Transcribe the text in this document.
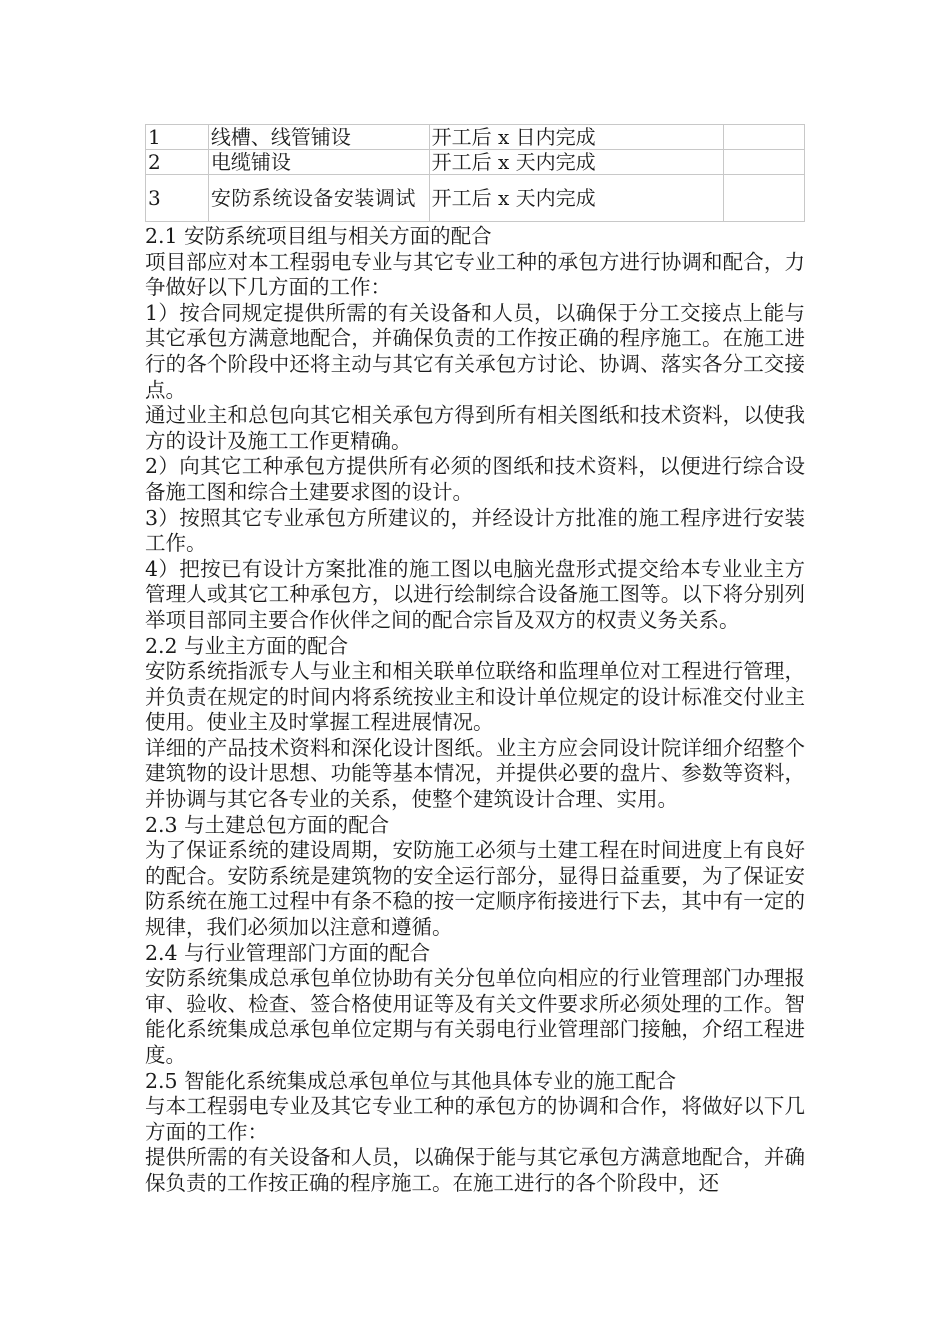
1	线槽、线管铺设	开工后 x 日内完成	
2	电缆铺设	开工后 x 天内完成	
3	安防系统设备安装调试	开工后 x 天内完成	

2.1 安防系统项目组与相关方面的配合

项目部应对本工程弱电专业与其它专业工种的承包方进行协调和配合，力争做好以下几方面的工作：

1）按合同规定提供所需的有关设备和人员，以确保于分工交接点上能与其它承包方满意地配合，并确保负责的工作按正确的程序施工。在施工进行的各个阶段中还将主动与其它有关承包方讨论、协调、落实各分工交接点。

通过业主和总包向其它相关承包方得到所有相关图纸和技术资料，以使我方的设计及施工工作更精确。

2）向其它工种承包方提供所有必须的图纸和技术资料，以便进行综合设备施工图和综合土建要求图的设计。

3）按照其它专业承包方所建议的，并经设计方批准的施工程序进行安装工作。

4）把按已有设计方案批准的施工图以电脑光盘形式提交给本专业业主方管理人或其它工种承包方，以进行绘制综合设备施工图等。以下将分别列举项目部同主要合作伙伴之间的配合宗旨及双方的权责义务关系。

2.2 与业主方面的配合

安防系统指派专人与业主和相关联单位联络和监理单位对工程进行管理，并负责在规定的时间内将系统按业主和设计单位规定的设计标准交付业主使用。使业主及时掌握工程进展情况。

详细的产品技术资料和深化设计图纸。业主方应会同设计院详细介绍整个建筑物的设计思想、功能等基本情况，并提供必要的盘片、参数等资料，并协调与其它各专业的关系，使整个建筑设计合理、实用。

2.3 与土建总包方面的配合

为了保证系统的建设周期，安防施工必须与土建工程在时间进度上有良好的配合。安防系统是建筑物的安全运行部分，显得日益重要，为了保证安防系统在施工过程中有条不稳的按一定顺序衔接进行下去，其中有一定的规律，我们必须加以注意和遵循。

2.4 与行业管理部门方面的配合

安防系统集成总承包单位协助有关分包单位向相应的行业管理部门办理报审、验收、检查、签合格使用证等及有关文件要求所必须处理的工作。智能化系统集成总承包单位定期与有关弱电行业管理部门接触，介绍工程进度。

2.5 智能化系统集成总承包单位与其他具体专业的施工配合

与本工程弱电专业及其它专业工种的承包方的协调和合作，将做好以下几方面的工作：

提供所需的有关设备和人员，以确保于能与其它承包方满意地配合，并确保负责的工作按正确的程序施工。在施工进行的各个阶段中，还
